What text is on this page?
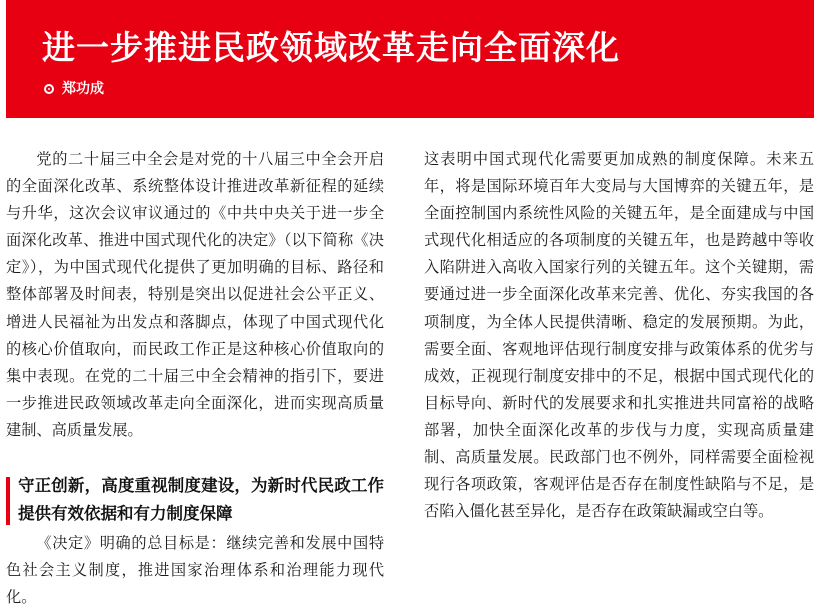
进一步推进民政领域改革走向全面深化
郑功成

党的二十届三中全会是对党的十八届三中全会开启的全面深化改革、系统整体设计推进改革新征程的延续与升华，这次会议审议通过的《中共中央关于进一步全面深化改革、推进中国式现代化的决定》（以下简称《决定》），为中国式现代化提供了更加明确的目标、路径和整体部署及时间表，特别是突出以促进社会公平正义、增进人民福祉为出发点和落脚点，体现了中国式现代化的核心价值取向，而民政工作正是这种核心价值取向的集中表现。在党的二十届三中全会精神的指引下，要进一步推进民政领域改革走向全面深化，进而实现高质量建制、高质量发展。

守正创新，高度重视制度建设，为新时代民政工作提供有效依据和有力制度保障

《决定》明确的总目标是：继续完善和发展中国特色社会主义制度，推进国家治理体系和治理能力现代化。

这表明中国式现代化需要更加成熟的制度保障。未来五年，将是国际环境百年大变局与大国博弈的关键五年，是全面控制国内系统性风险的关键五年，是全面建成与中国式现代化相适应的各项制度的关键五年，也是跨越中等收入陷阱进入高收入国家行列的关键五年。这个关键期，需要通过进一步全面深化改革来完善、优化、夯实我国的各项制度，为全体人民提供清晰、稳定的发展预期。为此，需要全面、客观地评估现行制度安排与政策体系的优劣与成效，正视现行制度安排中的不足，根据中国式现代化的目标导向、新时代的发展要求和扎实推进共同富裕的战略部署，加快全面深化改革的步伐与力度，实现高质量建制、高质量发展。民政部门也不例外，同样需要全面检视现行各项政策，客观评估是否存在制度性缺陷与不足，是否陷入僵化甚至异化，是否存在政策缺漏或空白等。
